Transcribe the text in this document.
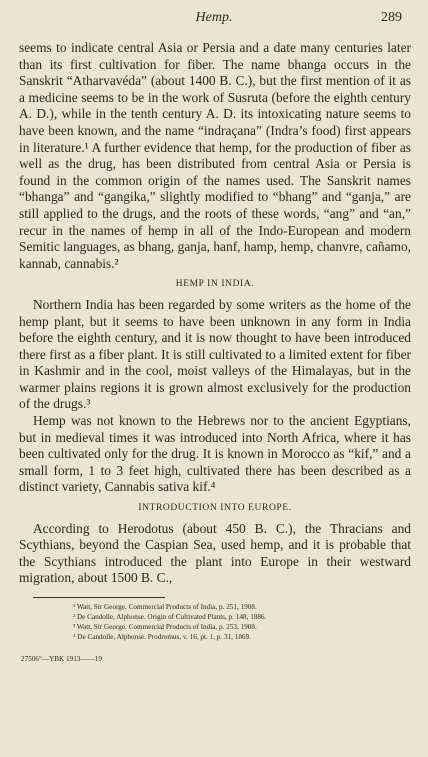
Hemp.	289

seems to indicate central Asia or Persia and a date many centuries later than its first cultivation for fiber. The name bhanga occurs in the Sanskrit “Atharvavéda” (about 1400 B. C.), but the first mention of it as a medicine seems to be in the work of Susruta (before the eighth century A. D.), while in the tenth century A. D. its intoxicating nature seems to have been known, and the name “indraçana” (Indra’s food) first appears in literature.¹ A further evidence that hemp, for the production of fiber as well as the drug, has been distributed from central Asia or Persia is found in the common origin of the names used. The Sanskrit names “bhanga” and “gangika,” slightly modified to “bhang” and “ganja,” are still applied to the drugs, and the roots of these words, “ang” and “an,” recur in the names of hemp in all of the Indo-European and modern Semitic languages, as bhang, ganja, hanf, hamp, hemp, chanvre, cañamo, kannab, cannabis.²

HEMP IN INDIA.

Northern India has been regarded by some writers as the home of the hemp plant, but it seems to have been unknown in any form in India before the eighth century, and it is now thought to have been introduced there first as a fiber plant. It is still cultivated to a limited extent for fiber in Kashmir and in the cool, moist valleys of the Himalayas, but in the warmer plains regions it is grown almost exclusively for the production of the drugs.³

Hemp was not known to the Hebrews nor to the ancient Egyptians, but in medieval times it was introduced into North Africa, where it has been cultivated only for the drug. It is known in Morocco as “kif,” and a small form, 1 to 3 feet high, cultivated there has been described as a distinct variety, Cannabis sativa kif.⁴

INTRODUCTION INTO EUROPE.

According to Herodotus (about 450 B. C.), the Thracians and Scythians, beyond the Caspian Sea, used hemp, and it is probable that the Scythians introduced the plant into Europe in their westward migration, about 1500 B. C.,

¹ Watt, Sir George. Commercial Products of India, p. 251, 1908.
² De Candolle, Alphonse. Origin of Cultivated Plants, p. 148, 1886.
³ Watt, Sir George. Commercial Products of India, p. 253, 1908.
⁴ De Candolle, Alphonse. Prodromus, v. 16, pt. 1, p. 31, 1869.
27506°—YBK 1913——19
